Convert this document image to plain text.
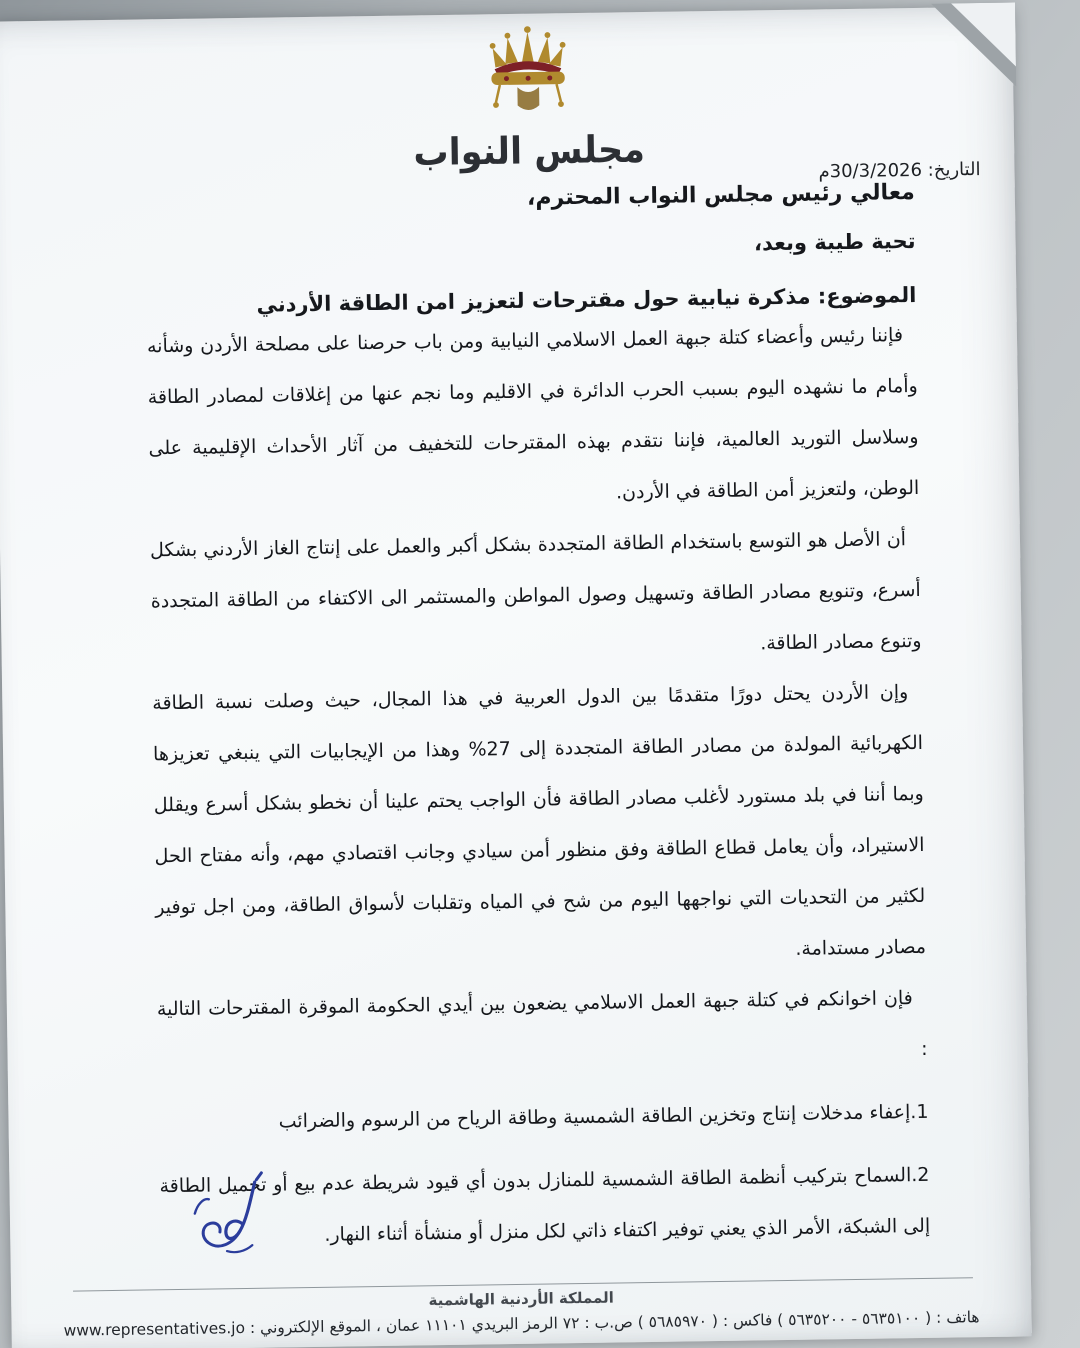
مجلس النواب	التاريخ: 30/3/2026م
معالي رئيس مجلس النواب المحترم،
تحية طيبة وبعد،
الموضوع: مذكرة نيابية حول مقترحات لتعزيز امن الطاقة الأردني

فإننا رئيس وأعضاء كتلة جبهة العمل الاسلامي النيابية ومن باب حرصنا على مصلحة الأردن وشأنه وأمام ما نشهده اليوم بسبب الحرب الدائرة في الاقليم وما نجم عنها من إغلاقات لمصادر الطاقة وسلاسل التوريد العالمية، فإننا نتقدم بهذه المقترحات للتخفيف من آثار الأحداث الإقليمية على الوطن، ولتعزيز أمن الطاقة في الأردن.

أن الأصل هو التوسع باستخدام الطاقة المتجددة بشكل أكبر والعمل على إنتاج الغاز الأردني بشكل أسرع، وتنويع مصادر الطاقة وتسهيل وصول المواطن والمستثمر الى الاكتفاء من الطاقة المتجددة وتنوع مصادر الطاقة.

وإن الأردن يحتل دورًا متقدمًا بين الدول العربية في هذا المجال، حيث وصلت نسبة الطاقة الكهربائية المولدة من مصادر الطاقة المتجددة إلى 27% وهذا من الإيجابيات التي ينبغي تعزيزها وبما أننا في بلد مستورد لأغلب مصادر الطاقة فأن الواجب يحتم علينا أن نخطو بشكل أسرع ويقلل الاستيراد، وأن يعامل قطاع الطاقة وفق منظور أمن سيادي وجانب اقتصادي مهم، وأنه مفتاح الحل لكثير من التحديات التي نواجهها اليوم من شح في المياه وتقلبات لأسواق الطاقة، ومن اجل توفير مصادر مستدامة.

فإن اخوانكم في كتلة جبهة العمل الاسلامي يضعون بين أيدي الحكومة الموقرة المقترحات التالية :

1.إعفاء مدخلات إنتاج وتخزين الطاقة الشمسية وطاقة الرياح من الرسوم والضرائب

2.السماح بتركيب أنظمة الطاقة الشمسية للمنازل بدون أي قيود شريطة عدم بيع أو تحميل الطاقة إلى الشبكة، الأمر الذي يعني توفير اكتفاء ذاتي لكل منزل أو منشأة أثناء النهار.

المملكة الأردنية الهاشمية
هاتف : ( ٥٦٣٥١٠٠ - ٥٦٣٥٢٠٠ ) فاكس : ( ٥٦٨٥٩٧٠ ) ص.ب : ٧٢ الرمز البريدي ١١١٠١ عمان ، الموقع الإلكتروني : www.representatives.jo
